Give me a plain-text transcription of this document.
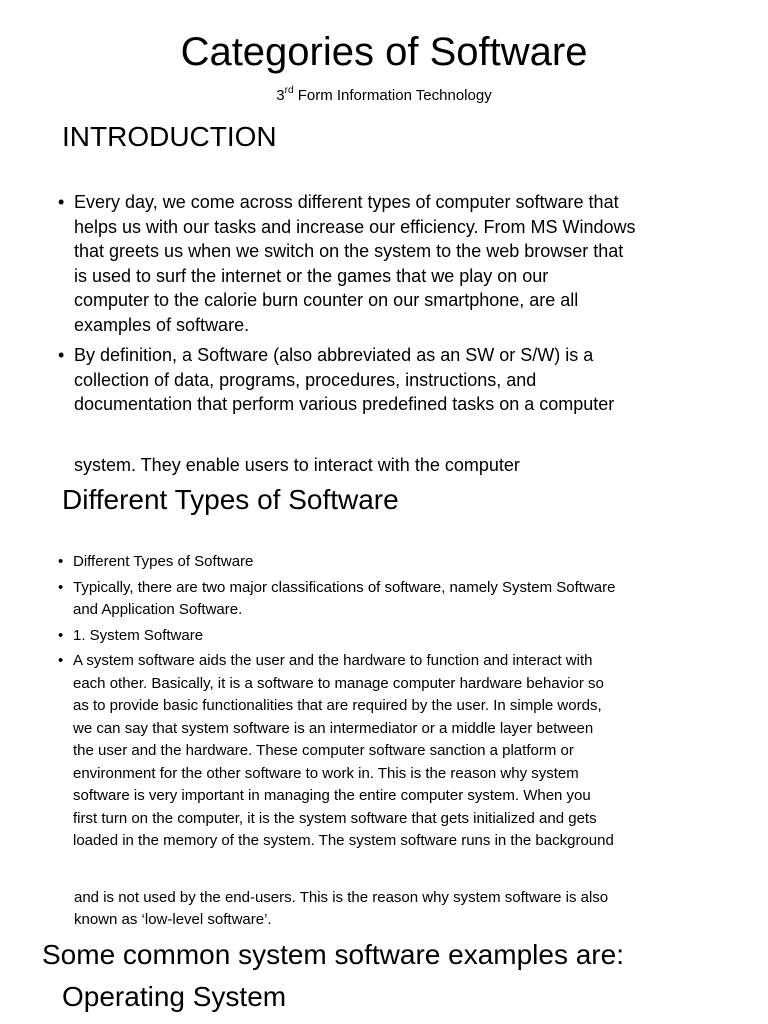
Categories of Software
3rd Form Information Technology
INTRODUCTION
• Every day, we come across different types of computer software that
helps us with our tasks and increase our efficiency. From MS Windows
that greets us when we switch on the system to the web browser that
is used to surf the internet or the games that we play on our
computer to the calorie burn counter on our smartphone, are all
examples of software.
• By definition, a Software (also abbreviated as an SW or S/W) is a
collection of data, programs, procedures, instructions, and
documentation that perform various predefined tasks on a computer
system. They enable users to interact with the computer
Different Types of Software
• Different Types of Software
• Typically, there are two major classifications of software, namely System Software
and Application Software.
• 1. System Software
• A system software aids the user and the hardware to function and interact with
each other. Basically, it is a software to manage computer hardware behavior so
as to provide basic functionalities that are required by the user. In simple words,
we can say that system software is an intermediator or a middle layer between
the user and the hardware. These computer software sanction a platform or
environment for the other software to work in. This is the reason why system
software is very important in managing the entire computer system. When you
first turn on the computer, it is the system software that gets initialized and gets
loaded in the memory of the system. The system software runs in the background
and is not used by the end-users. This is the reason why system software is also
known as ‘low-level software’.
Some common system software examples are:
Operating System
